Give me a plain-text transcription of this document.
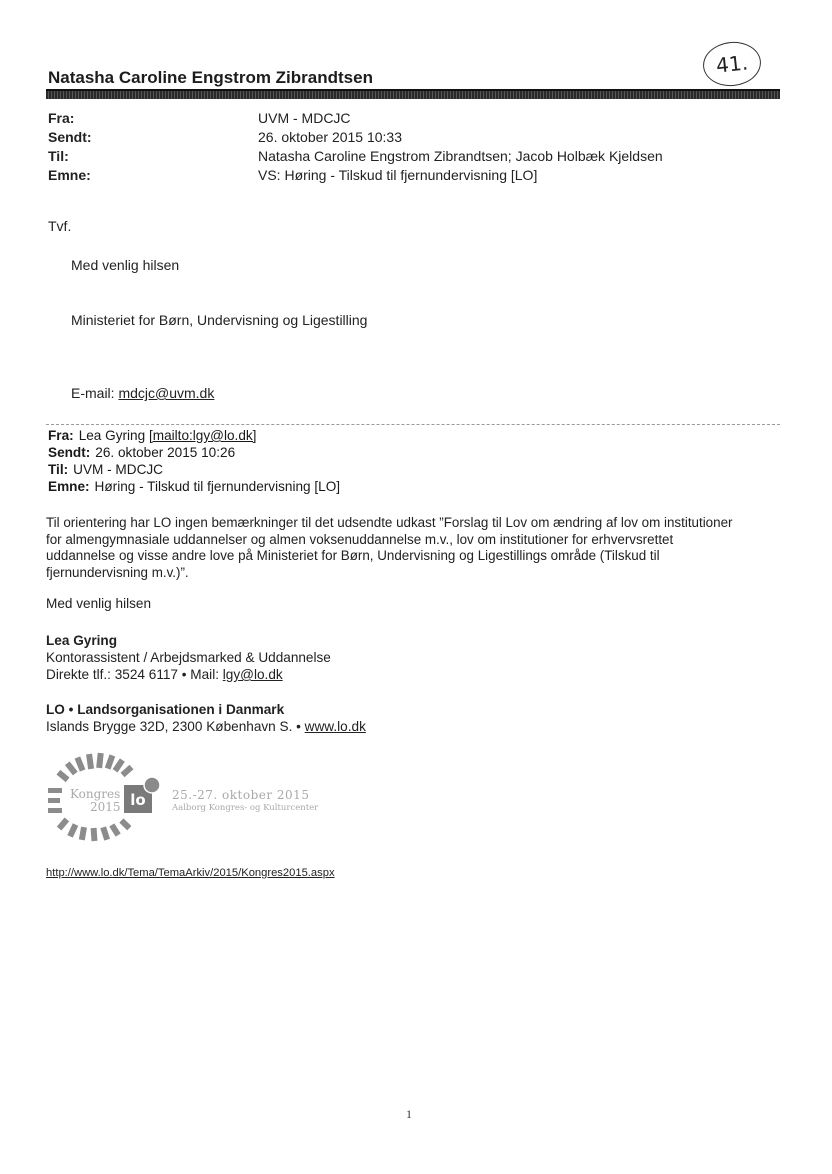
41.
Natasha Caroline Engstrom Zibrandtsen
Fra:	UVM - MDCJC
Sendt:	26. oktober 2015 10:33
Til:	Natasha Caroline Engstrom Zibrandtsen; Jacob Holbæk Kjeldsen
Emne:	VS: Høring - Tilskud til fjernundervisning [LO]
Tvf.
Med venlig hilsen
Ministeriet for Børn, Undervisning og Ligestilling
E-mail: mdcjc@uvm.dk
Fra: Lea Gyring [mailto:lgy@lo.dk]
Sendt: 26. oktober 2015 10:26
Til: UVM - MDCJC
Emne: Høring - Tilskud til fjernundervisning [LO]
Til orientering har LO ingen bemærkninger til det udsendte udkast ”Forslag til Lov om ændring af lov om institutioner
for almengymnasiale uddannelser og almen voksenuddannelse m.v., lov om institutioner for erhvervsrettet
uddannelse og visse andre love på Ministeriet for Børn, Undervisning og Ligestillings område (Tilskud til
fjernundervisning m.v.)”.
Med venlig hilsen
Lea Gyring
Kontorassistent / Arbejdsmarked & Uddannelse
Direkte tlf.: 3524 6117 • Mail: lgy@lo.dk
LO • Landsorganisationen i Danmark
Islands Brygge 32D, 2300 København S. • www.lo.dk
lo
Kongres
2015
25.-27. oktober 2015
Aalborg Kongres- og Kulturcenter
http://www.lo.dk/Tema/TemaArkiv/2015/Kongres2015.aspx
1
